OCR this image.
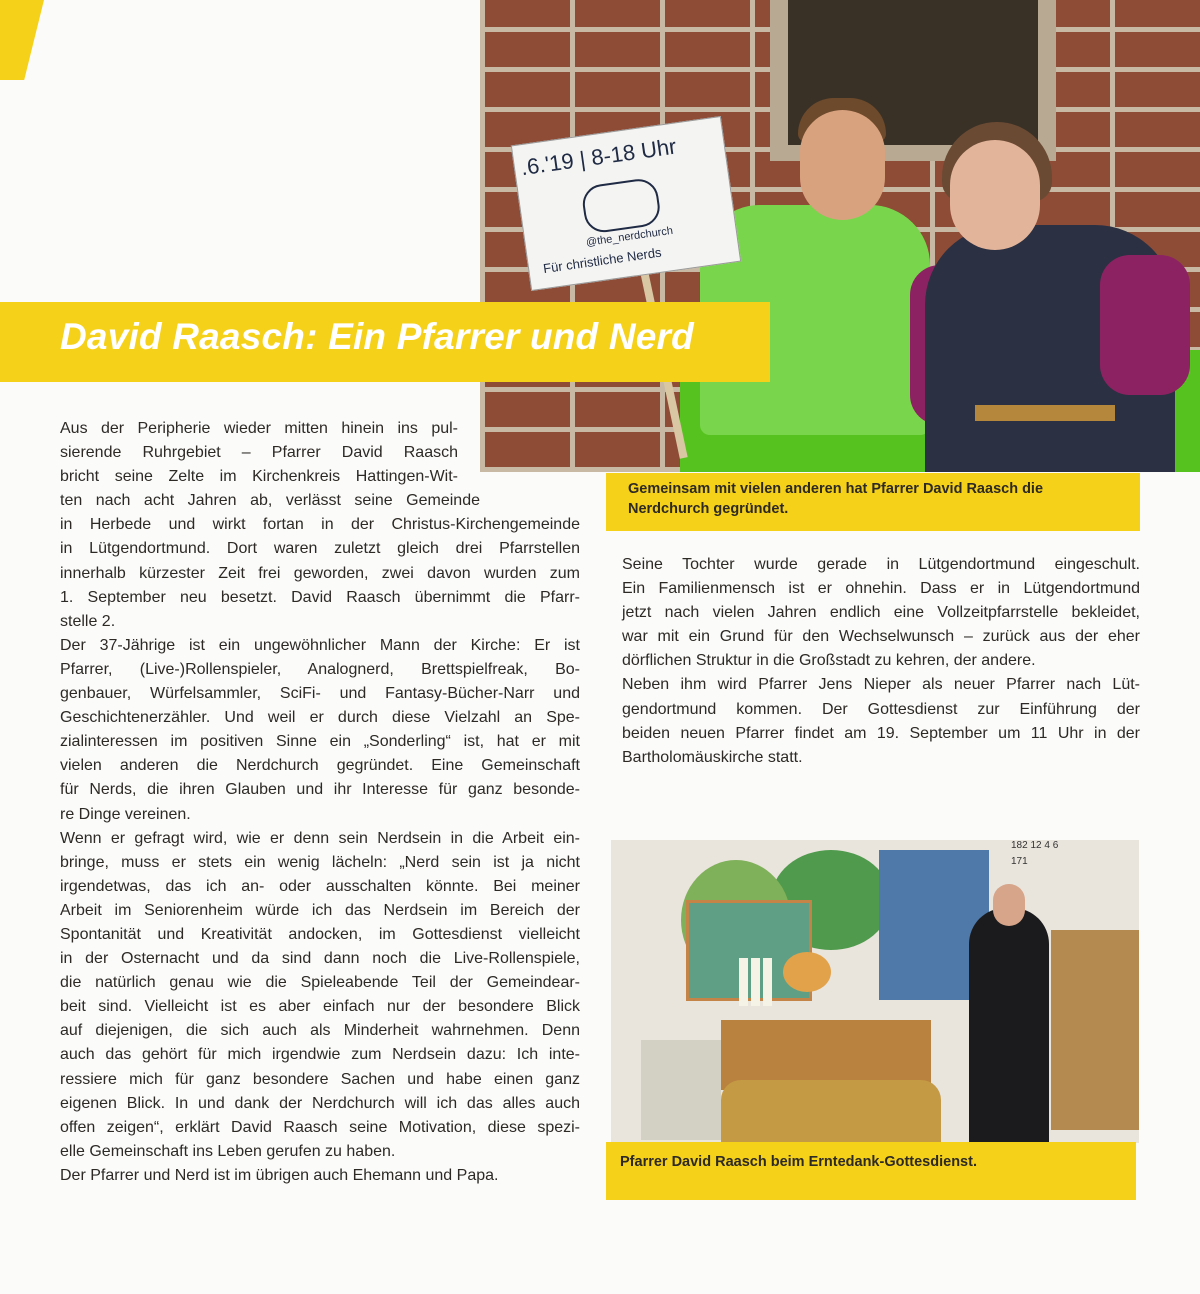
.6.'19 | 8-18 Uhr
@the_nerdchurch
Für christliche Nerds
David Raasch: Ein Pfarrer und Nerd
Gemeinsam mit vielen anderen hat Pfarrer David Raasch die
Nerdchurch gegründet.
Aus der Peripherie wieder mitten hinein ins pul-
sierende Ruhrgebiet – Pfarrer David Raasch
bricht seine Zelte im Kirchenkreis Hattingen-Wit-
ten nach acht Jahren ab, verlässt seine Gemeinde
in Herbede und wirkt fortan in der Christus-Kirchengemeinde
in Lütgendortmund. Dort waren zuletzt gleich drei Pfarrstellen
innerhalb kürzester Zeit frei geworden, zwei davon wurden zum
1. September neu besetzt. David Raasch übernimmt die Pfarr-
stelle 2.
Der 37-Jährige ist ein ungewöhnlicher Mann der Kirche: Er ist
Pfarrer, (Live-)Rollenspieler, Analognerd, Brettspielfreak, Bo-
genbauer, Würfelsammler, SciFi- und Fantasy-Bücher-Narr und
Geschichtenerzähler. Und weil er durch diese Vielzahl an Spe-
zialinteressen im positiven Sinne ein „Sonderling“ ist, hat er mit
vielen anderen die Nerdchurch gegründet. Eine Gemeinschaft
für Nerds, die ihren Glauben und ihr Interesse für ganz besonde-
re Dinge vereinen.
Wenn er gefragt wird, wie er denn sein Nerdsein in die Arbeit ein-
bringe, muss er stets ein wenig lächeln: „Nerd sein ist ja nicht
irgendetwas, das ich an- oder ausschalten könnte. Bei meiner
Arbeit im Seniorenheim würde ich das Nerdsein im Bereich der
Spontanität und Kreativität andocken, im Gottesdienst vielleicht
in der Osternacht und da sind dann noch die Live-Rollenspiele,
die natürlich genau wie die Spieleabende Teil der Gemeindear-
beit sind. Vielleicht ist es aber einfach nur der besondere Blick
auf diejenigen, die sich auch als Minderheit wahrnehmen. Denn
auch das gehört für mich irgendwie zum Nerdsein dazu: Ich inte-
ressiere mich für ganz besondere Sachen und habe einen ganz
eigenen Blick. In und dank der Nerdchurch will ich das alles auch
offen zeigen“, erklärt David Raasch seine Motivation, diese spezi-
elle Gemeinschaft ins Leben gerufen zu haben.
Der Pfarrer und Nerd ist im übrigen auch Ehemann und Papa.
Seine Tochter wurde gerade in Lütgendortmund eingeschult.
Ein Familienmensch ist er ohnehin. Dass er in Lütgendortmund
jetzt nach vielen Jahren endlich eine Vollzeitpfarrstelle bekleidet,
war mit ein Grund für den Wechselwunsch – zurück aus der eher
dörflichen Struktur in die Großstadt zu kehren, der andere.
Neben ihm wird Pfarrer Jens Nieper als neuer Pfarrer nach Lüt-
gendortmund kommen. Der Gottesdienst zur Einführung der
beiden neuen Pfarrer findet am 19. September um 11 Uhr in der
Bartholomäuskirche statt.
182 12 4 6
171
Pfarrer David Raasch beim Erntedank-Gottesdienst.
